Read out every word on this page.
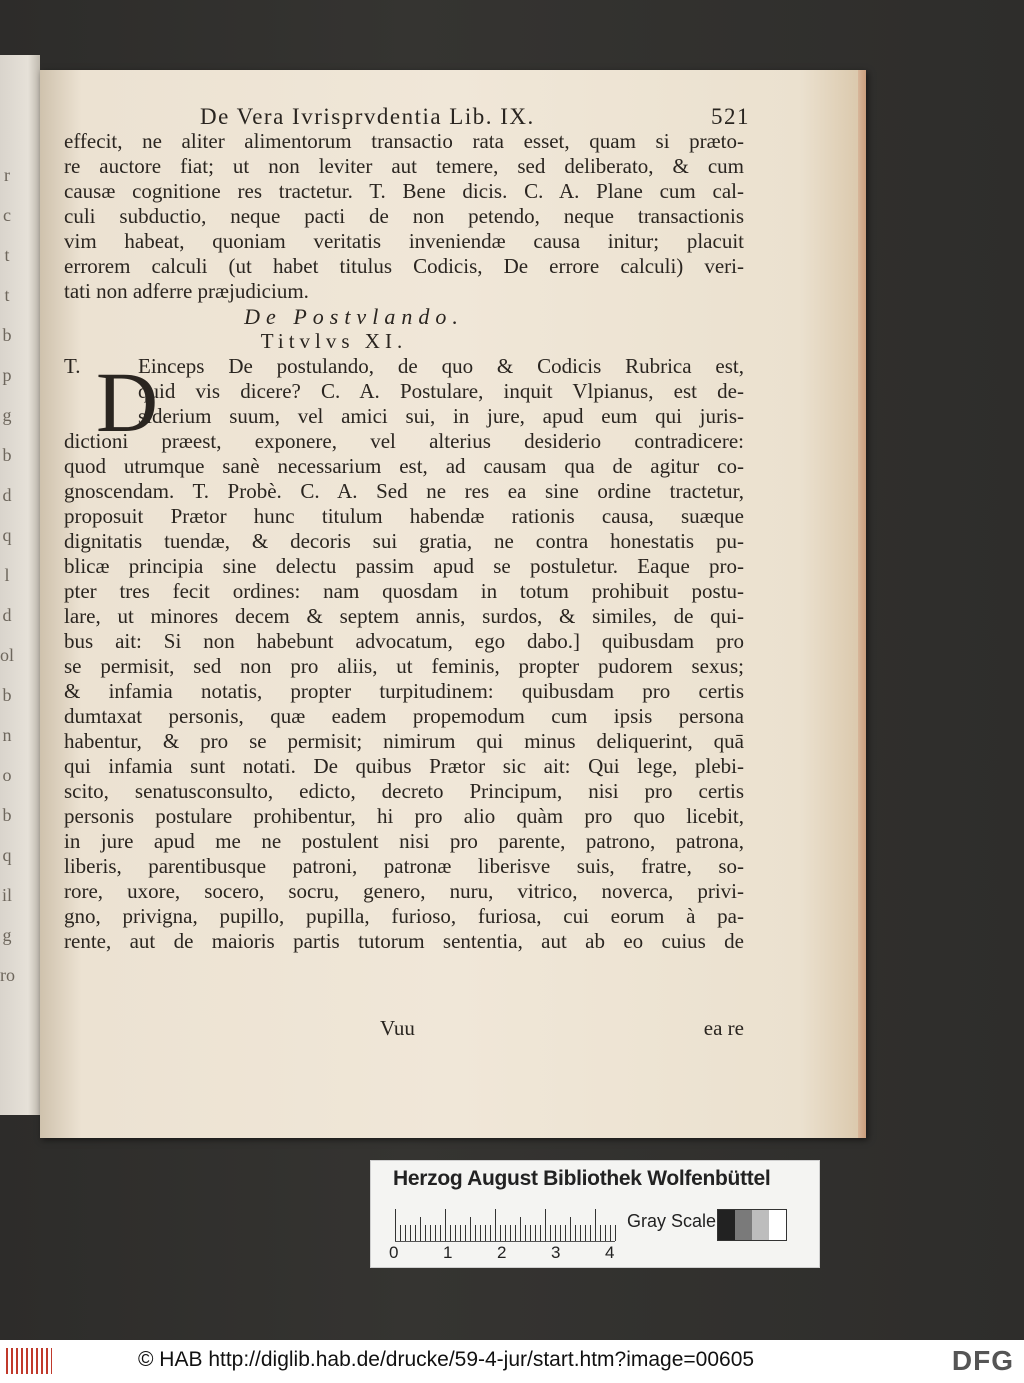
r
c
t
t
b
p
g
b
d
q
l
d
ol
b
n
o
b
q
il
g
ro
De Vera Ivrisprvdentia Lib. IX.	521
effecit, ne aliter alimentorum transactio rata esset, quam si præto-
re auctore fiat; ut non leviter aut temere, sed deliberato, & cum
causæ cognitione res tractetur. T. Bene dicis. C. A. Plane cum cal-
culi subductio, neque pacti de non petendo, neque transactionis
vim habeat, quoniam veritatis inveniendæ causa initur; placuit
errorem calculi (ut habet titulus Codicis, De errore calculi) veri-
tati non adferre præjudicium.
De Postvlando.
Titvlvs XI.
T. D
Einceps De postulando, de quo & Codicis Rubrica est,
quid vis dicere? C. A. Postulare, inquit Vlpianus, est de-
siderium suum, vel amici sui, in jure, apud eum qui juris-
dictioni præest, exponere, vel alterius desiderio contradicere:
quod utrumque sanè necessarium est, ad causam qua de agitur co-
gnoscendam. T. Probè. C. A. Sed ne res ea sine ordine tractetur,
proposuit Prætor hunc titulum habendæ rationis causa, suæque
dignitatis tuendæ, & decoris sui gratia, ne contra honestatis pu-
blicæ principia sine delectu passim apud se postuletur. Eaque pro-
pter tres fecit ordines: nam quosdam in totum prohibuit postu-
lare, ut minores decem & septem annis, surdos, & similes, de qui-
bus ait: Si non habebunt advocatum, ego dabo.] quibusdam pro
se permisit, sed non pro aliis, ut feminis, propter pudorem sexus;
& infamia notatis, propter turpitudinem: quibusdam pro certis
dumtaxat personis, quæ eadem propemodum cum ipsis persona
habentur, & pro se permisit; nimirum qui minus deliquerint, quā
qui infamia sunt notati. De quibus Prætor sic ait: Qui lege, plebi-
scito, senatusconsulto, edicto, decreto Principum, nisi pro certis
personis postulare prohibentur, hi pro alio quàm pro quo licebit,
in jure apud me ne postulent nisi pro parente, patrono, patrona,
liberis, parentibusque patroni, patronæ liberisve suis, fratre, so-
rore, uxore, socero, socru, genero, nuru, vitrico, noverca, privi-
gno, privigna, pupillo, pupilla, furioso, furiosa, cui eorum à pa-
rente, aut de maioris partis tutorum sententia, aut ab eo cuius de
Vuu	ea re
Herzog August Bibliothek Wolfenbüttel
0	1	2	3	4
Gray Scale
© HAB http://diglib.hab.de/drucke/59-4-jur/start.htm?image=00605	DFG
